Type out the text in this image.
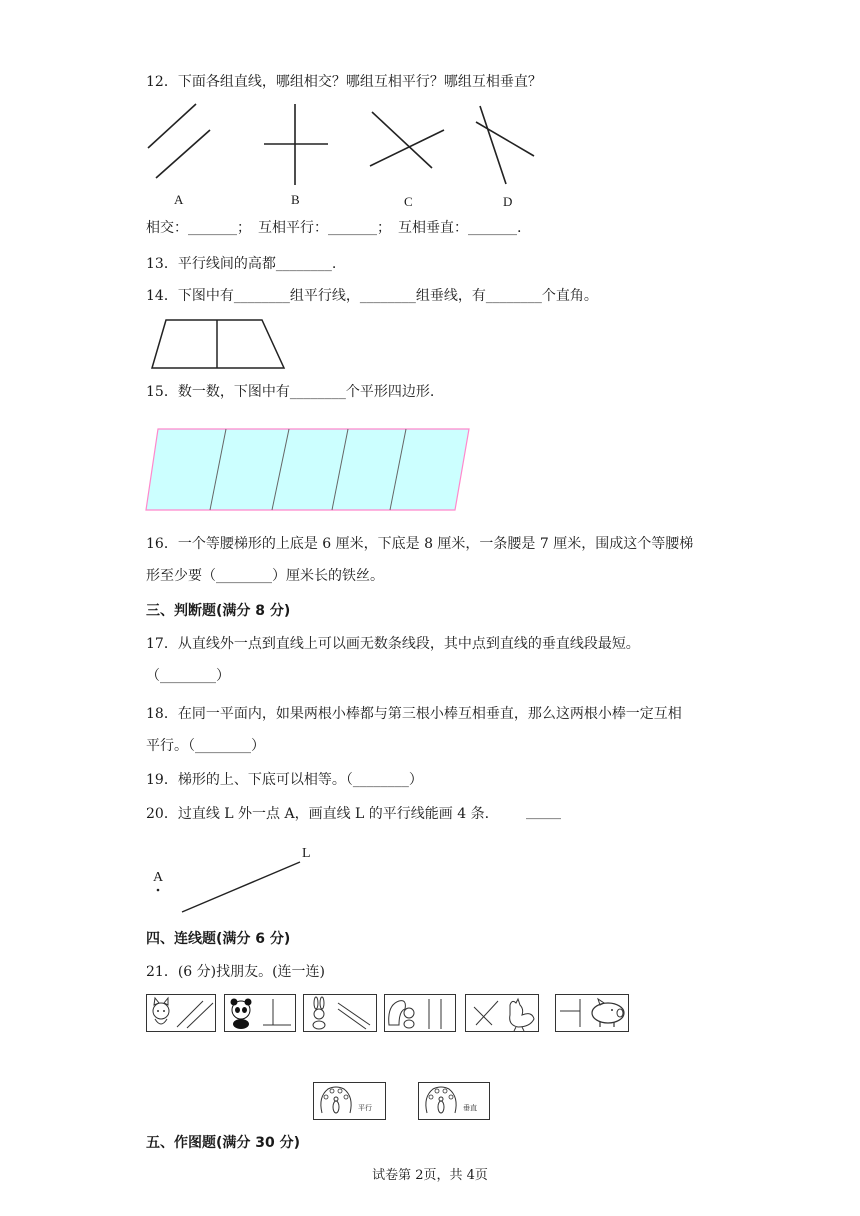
12．下面各组直线，哪组相交？哪组互相平行？哪组互相垂直？
A	B	C	D
相交：_______；　互相平行：_______；　互相垂直：_______.
13．平行线间的高都________.
14．下图中有________组平行线，________组垂线，有________个直角。
15．数一数，下图中有________个平形四边形.
16．一个等腰梯形的上底是 6 厘米，下底是 8 厘米，一条腰是 7 厘米，围成这个等腰梯
形至少要（________）厘米长的铁丝。
三、判断题(满分 8 分)
17．从直线外一点到直线上可以画无数条线段，其中点到直线的垂直线段最短。
（________）
18．在同一平面内，如果两根小棒都与第三根小棒互相垂直，那么这两根小棒一定互相
平行。（________）
19．梯形的上、下底可以相等。（________）
20．过直线 L 外一点 A，画直线 L 的平行线能画 4 条.	_____
A
L
四、连线题(满分 6 分)
21．(6 分)找朋友。(连一连)
平行	垂直
五、作图题(满分 30 分)
试卷第 2页，共 4页
